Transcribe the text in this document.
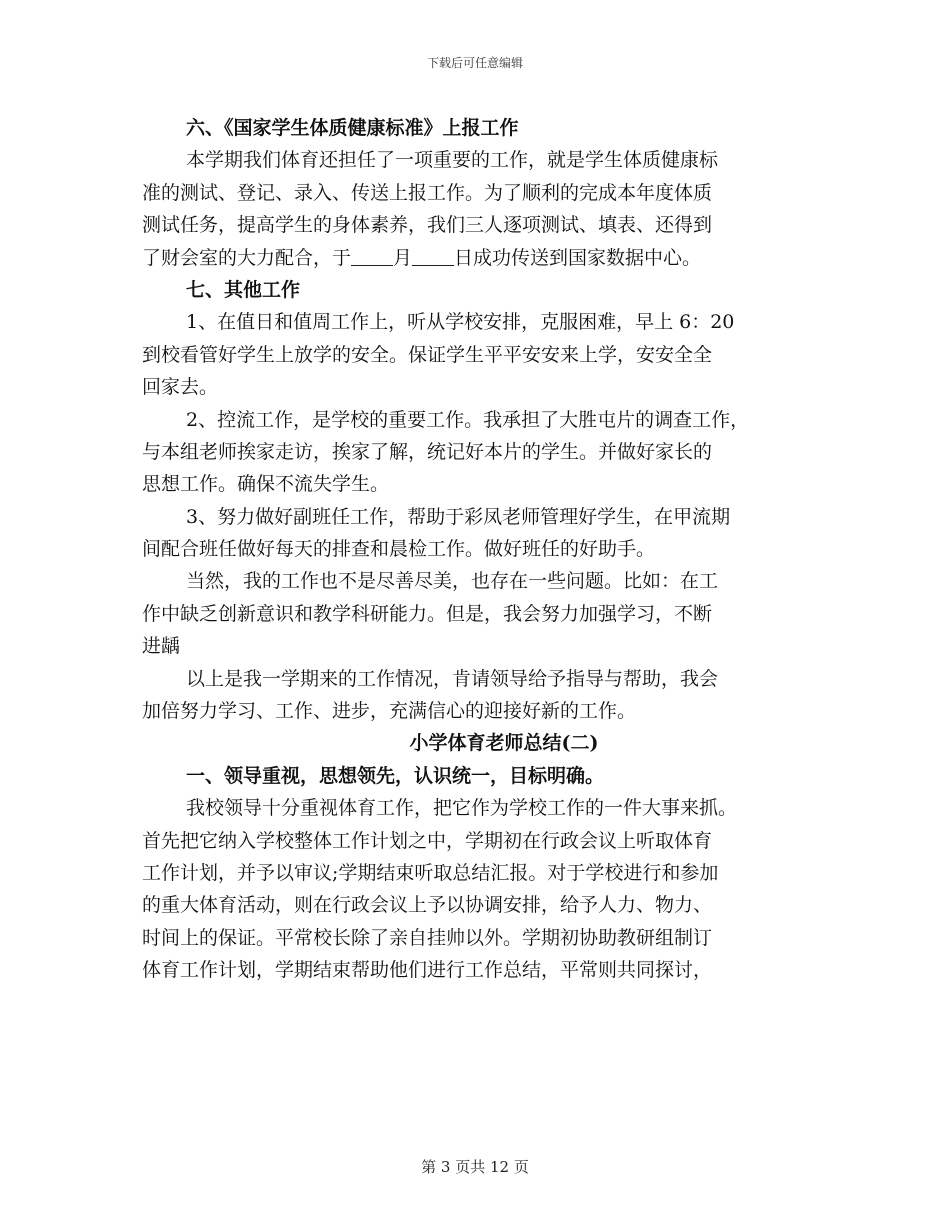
下载后可任意编辑
六、《国家学生体质健康标准》上报工作
本学期我们体育还担任了一项重要的工作，就是学生体质健康标
准的测试、登记、录入、传送上报工作。为了顺利的完成本年度体质
测试任务，提高学生的身体素养，我们三人逐项测试、填表、还得到
了财会室的大力配合，于 月 日成功传送到国家数据中心。
七、其他工作
1、在值日和值周工作上，听从学校安排，克服困难，早上 6：20
到校看管好学生上放学的安全。保证学生平平安安来上学，安安全全
回家去。
2、控流工作，是学校的重要工作。我承担了大胜屯片的调查工作，
与本组老师挨家走访，挨家了解，统记好本片的学生。并做好家长的
思想工作。确保不流失学生。
3、努力做好副班任工作，帮助于彩凤老师管理好学生，在甲流期
间配合班任做好每天的排查和晨检工作。做好班任的好助手。
当然，我的工作也不是尽善尽美，也存在一些问题。比如：在工
作中缺乏创新意识和教学科研能力。但是，我会努力加强学习，不断
进龋
以上是我一学期来的工作情况，肯请领导给予指导与帮助，我会
加倍努力学习、工作、进步，充满信心的迎接好新的工作。
小学体育老师总结(二)
一、领导重视，思想领先，认识统一，目标明确。
我校领导十分重视体育工作，把它作为学校工作的一件大事来抓。
首先把它纳入学校整体工作计划之中，学期初在行政会议上听取体育
工作计划，并予以审议;学期结束听取总结汇报。对于学校进行和参加
的重大体育活动，则在行政会议上予以协调安排，给予人力、物力、
时间上的保证。平常校长除了亲自挂帅以外。学期初协助教研组制订
体育工作计划，学期结束帮助他们进行工作总结，平常则共同探讨，
第 3 页共 12 页
